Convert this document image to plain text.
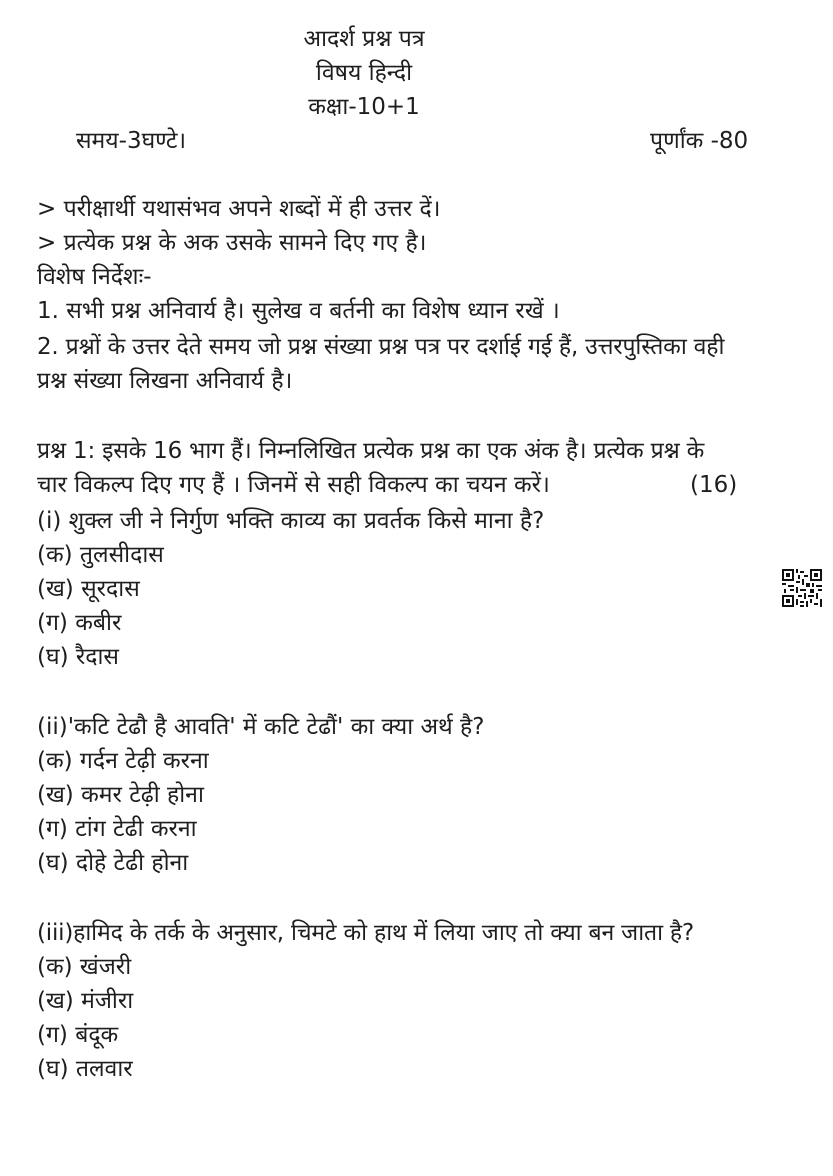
आदर्श प्रश्न पत्र
विषय हिन्दी
कक्षा-10+1
समय-3घण्टे।	पूर्णांक -80
> परीक्षार्थी यथासंभव अपने शब्दों में ही उत्तर दें।
> प्रत्येक प्रश्न के अक उसके सामने दिए गए है।
विशेष निर्देशः-
1. सभी प्रश्न अनिवार्य है। सुलेख व बर्तनी का विशेष ध्यान रखें ।
2. प्रश्नों के उत्तर देते समय जो प्रश्न संख्या प्रश्न पत्र पर दर्शाई गई हैं, उत्तरपुस्तिका वही
प्रश्न संख्या लिखना अनिवार्य है।
प्रश्न 1: इसके 16 भाग हैं। निम्नलिखित प्रत्येक प्रश्न का एक अंक है। प्रत्येक प्रश्न के
चार विकल्प दिए गए हैं । जिनमें से सही विकल्प का चयन करें।	(16)
(i) शुक्ल जी ने निर्गुण भक्ति काव्य का प्रवर्तक किसे माना है?
(क) तुलसीदास
(ख) सूरदास
(ग) कबीर
(घ) रैदास
(ii)'कटि टेढौ है आवति' में कटि टेढौं' का क्या अर्थ है?
(क) गर्दन टेढ़ी करना
(ख) कमर टेढ़ी होना
(ग) टांग टेढी करना
(घ) दोहे टेढी होना
(iii)हामिद के तर्क के अनुसार, चिमटे को हाथ में लिया जाए तो क्या बन जाता है?
(क) खंजरी
(ख) मंजीरा
(ग) बंदूक
(घ) तलवार
